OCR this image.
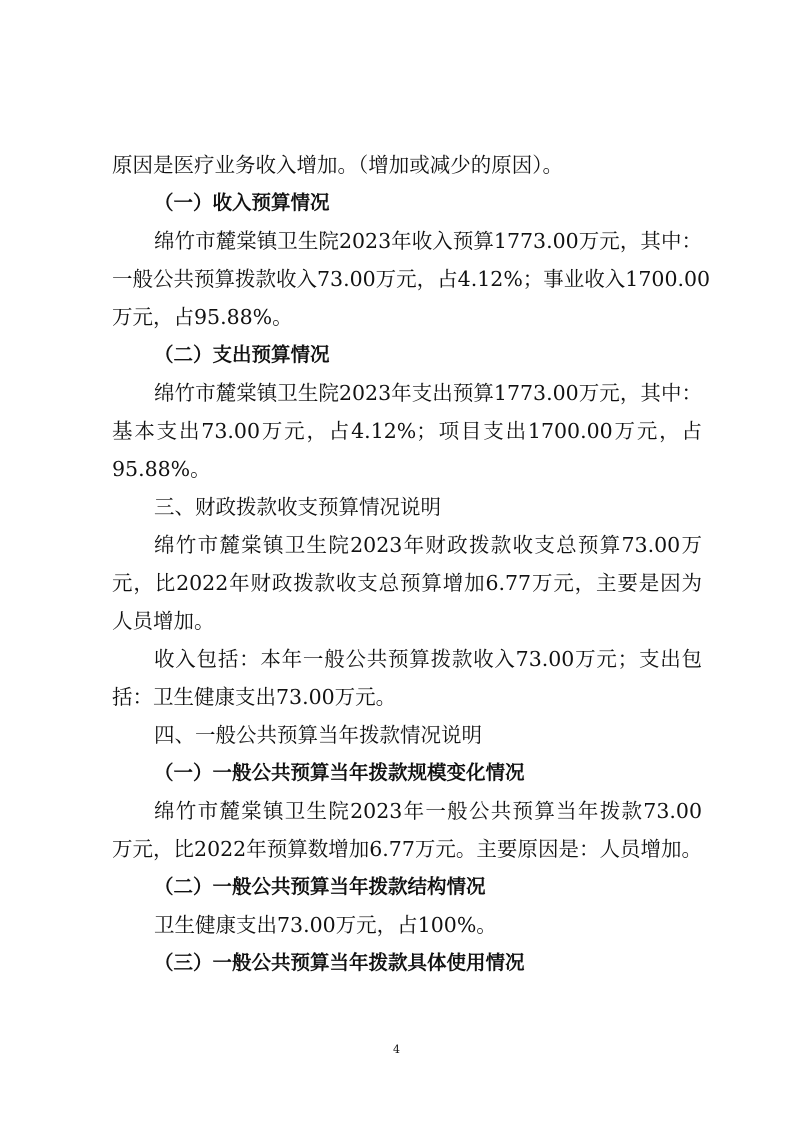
原因是医疗业务收入增加。（增加或减少的原因）。
（一）收入预算情况
绵竹市麓棠镇卫生院2023年收入预算1773.00万元，其中：
一般公共预算拨款收入73.00万元，占4.12%；事业收入1700.00
万元，占95.88%。
（二）支出预算情况
绵竹市麓棠镇卫生院2023年支出预算1773.00万元，其中：
基本支出73.00万元，占4.12%；项目支出1700.00万元，占
95.88%。
三、财政拨款收支预算情况说明
绵竹市麓棠镇卫生院2023年财政拨款收支总预算73.00万
元，比2022年财政拨款收支总预算增加6.77万元，主要是因为
人员增加。
收入包括：本年一般公共预算拨款收入73.00万元；支出包
括：卫生健康支出73.00万元。
四、一般公共预算当年拨款情况说明
（一）一般公共预算当年拨款规模变化情况
绵竹市麓棠镇卫生院2023年一般公共预算当年拨款73.00
万元，比2022年预算数增加6.77万元。主要原因是：人员增加。
（二）一般公共预算当年拨款结构情况
卫生健康支出73.00万元，占100%。
（三）一般公共预算当年拨款具体使用情况
4
